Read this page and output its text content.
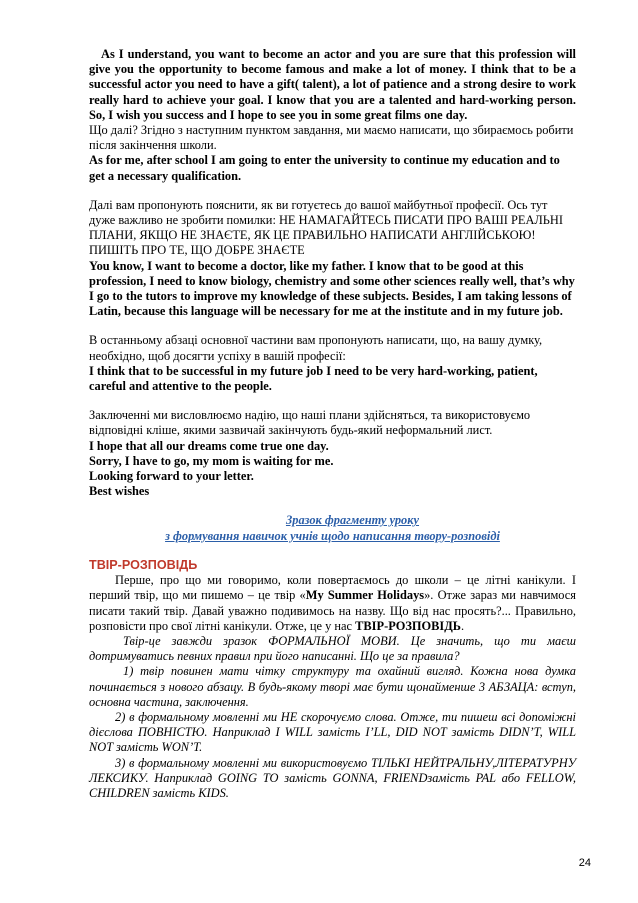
As I understand, you want to become an actor and you are sure that this profession will give you the opportunity to become famous and make a lot of money. I think that to be a successful actor you need to have a gift( talent), a lot of patience and a strong desire to work really hard to achieve your goal. I know that you are a talented and hard-working person. So, I wish you success and I hope to see you in some great films one day.

Що далі? Згідно з наступним пунктом завдання, ми маємо написати, що збираємось робити після закінчення школи.

As for me, after school I am going to enter the university to continue my education and to get a necessary qualification.

Далі вам пропонують пояснити, як ви готуєтесь до вашої майбутньої професії. Ось тут дуже важливо не зробити помилки: НЕ НАМАГАЙТЕСЬ ПИСАТИ ПРО ВАШІ РЕАЛЬНІ ПЛАНИ, ЯКЩО НЕ ЗНАЄТЕ, ЯК ЦЕ ПРАВИЛЬНО НАПИСАТИ АНГЛІЙСЬКОЮ! ПИШІТЬ ПРО ТЕ, ЩО ДОБРЕ ЗНАЄТЕ

You know, I want to become a doctor, like my father. I know that to be good at this profession, I need to know biology, chemistry and some other sciences really well, that’s why I go to the tutors to improve my knowledge of these subjects. Besides, I am taking lessons of Latin, because this language will be necessary for me at the institute and in my future job.

В останньому абзаці основної частини вам пропонують написати, що, на вашу думку, необхідно, щоб досягти успіху в вашій професії:

I think that to be successful in my future job I need to be very hard-working, patient, careful and attentive to the people.

Заключенні ми висловлюємо надію, що наші плани здійсняться, та використовуємо відповідні кліше, якими зазвичай закінчують будь-який неформальний лист.

I hope that all our dreams come true one day.

Sorry, I have to go, my mom is waiting for me.

Looking forward to your letter.

Best wishes

Зразок фрагменту уроку

з формування навичок учнів щодо написання твору-розповіді

ТВІР-РОЗПОВІДЬ

Перше, про що ми говоримо, коли повертаємось до школи – це літні канікули. І перший твір, що ми пишемо – це твір «My Summer Holidays». Отже зараз ми навчимося писати такий твір. Давай уважно подивимось на назву. Що від нас просять?... Правильно, розповісти про свої літні канікули. Отже, це у нас ТВІР-РОЗПОВІДЬ.

Твір-це завжди зразок ФОРМАЛЬНОЇ МОВИ. Це значить, що ти маєш дотримуватись певних правил при його написанні. Що це за правила?

1) твір повинен мати чітку структуру та охайний вигляд. Кожна нова думка починається з нового абзацу. В будь-якому творі має бути щонайменше 3 АБЗАЦА: вступ, основна частина, заключення.

2) в формальному мовленні ми НЕ скорочуємо слова. Отже, ти пишеш всі допоміжні дієслова ПОВНІСТЮ. Наприклад I WILL замість I’LL, DID NOT замість DIDN’T, WILL NOT замість WON’T.

3) в формальному мовленні ми використовуємо ТІЛЬКІ НЕЙТРАЛЬНУ,ЛІТЕРАТУРНУ ЛЕКСИКУ. Наприклад GOING TO замість GONNA, FRIENDзамість PAL або FELLOW, CHILDREN замість KIDS.

24
